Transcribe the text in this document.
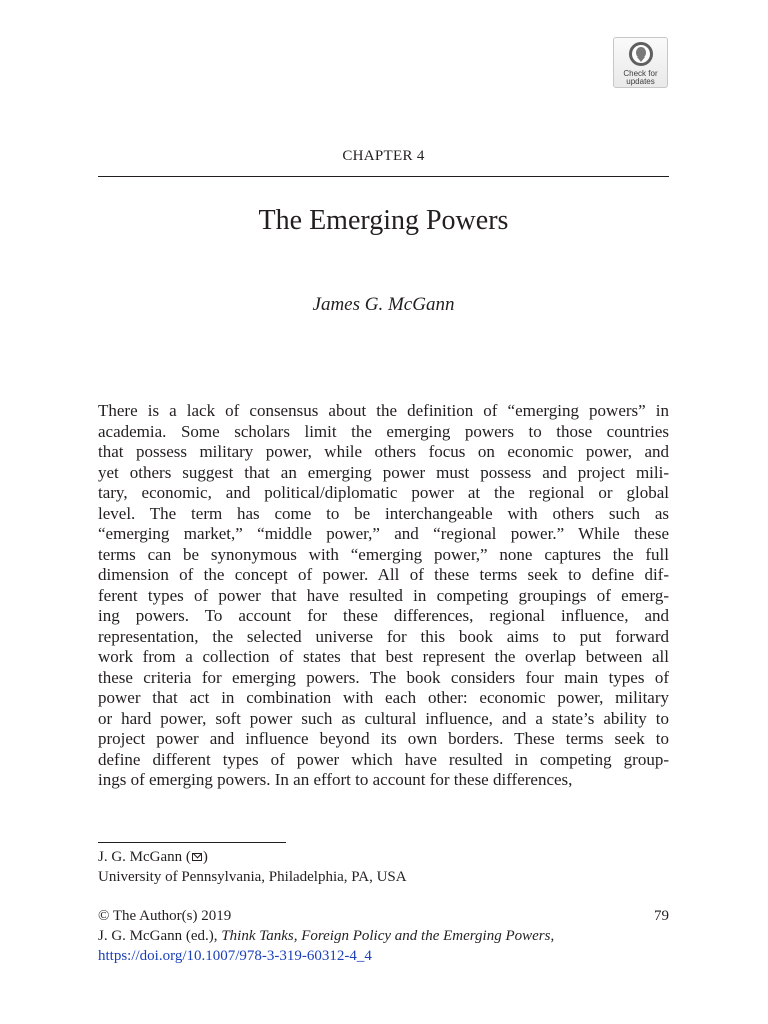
Check for
updates
CHAPTER 4
The Emerging Powers
James G. McGann
There is a lack of consensus about the definition of “emerging powers” in
academia. Some scholars limit the emerging powers to those countries
that possess military power, while others focus on economic power, and
yet others suggest that an emerging power must possess and project mili-
tary, economic, and political/diplomatic power at the regional or global
level. The term has come to be interchangeable with others such as
“emerging market,” “middle power,” and “regional power.” While these
terms can be synonymous with “emerging power,” none captures the full
dimension of the concept of power. All of these terms seek to define dif-
ferent types of power that have resulted in competing groupings of emerg-
ing powers. To account for these differences, regional influence, and
representation, the selected universe for this book aims to put forward
work from a collection of states that best represent the overlap between all
these criteria for emerging powers. The book considers four main types of
power that act in combination with each other: economic power, military
or hard power, soft power such as cultural influence, and a state’s ability to
project power and influence beyond its own borders. These terms seek to
define different types of power which have resulted in competing group-
ings of emerging powers. In an effort to account for these differences,
J. G. McGann ( )
University of Pennsylvania, Philadelphia, PA, USA
© The Author(s) 2019	79
J. G. McGann (ed.), Think Tanks, Foreign Policy and the Emerging Powers,
https://doi.org/10.1007/978-3-319-60312-4_4
